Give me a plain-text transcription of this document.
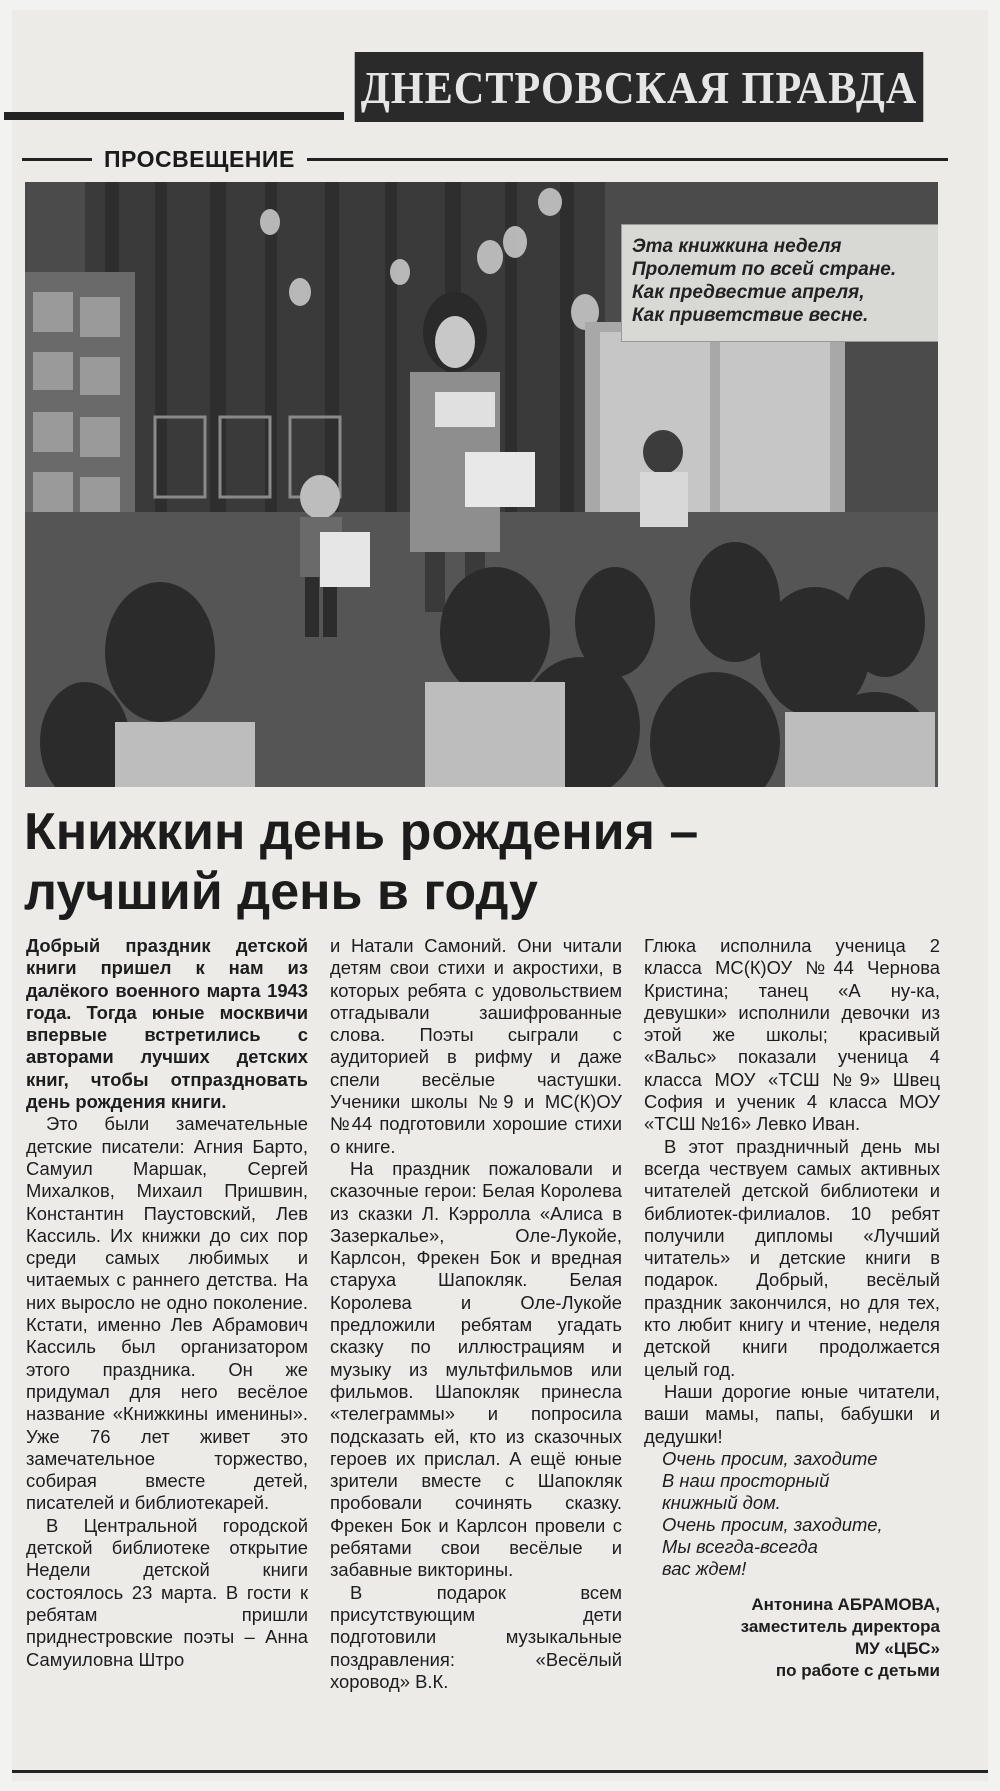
ДНЕСТРОВСКАЯ ПРАВДА
ПРОСВЕЩЕНИЕ
Эта книжкина неделя
Пролетит по всей стране.
Как предвестие апреля,
Как приветствие весне.
Книжкин день рождения –
лучший день в году

Добрый праздник детской книги пришел к нам из далёкого военного марта 1943 года. Тогда юные москвичи впервые встретились с авторами лучших детских книг, чтобы отпраздновать день рождения книги.

Это были замечательные детские писатели: Агния Барто, Самуил Маршак, Сергей Михалков, Михаил Пришвин, Константин Паустовский, Лев Кассиль. Их книжки до сих пор среди самых любимых и читаемых с раннего детства. На них выросло не одно поколение. Кстати, именно Лев Абрамович Кассиль был организатором этого праздника. Он же придумал для него весёлое название «Книжкины именины». Уже 76 лет живет это замечательное торжество, собирая вместе детей, писателей и библиотекарей.

В Центральной городской детской библиотеке открытие Недели детской книги состоялось 23 марта. В гости к ребятам пришли приднестровские поэты – Анна Самуиловна Штро

и Натали Самоний. Они читали детям свои стихи и акростихи, в которых ребята с удовольствием отгадывали зашифрованные слова. Поэты сыграли с аудиторией в рифму и даже спели весёлые частушки. Ученики школы №9 и МС(К)ОУ №44 подготовили хорошие стихи о книге.

На праздник пожаловали и сказочные герои: Белая Королева из сказки Л. Кэрролла «Алиса в Зазеркалье», Оле-Лукойе, Карлсон, Фрекен Бок и вредная старуха Шапокляк. Белая Королева и Оле-Лукойе предложили ребятам угадать сказку по иллюстрациям и музыку из мультфильмов или фильмов. Шапокляк принесла «телеграммы» и попросила подсказать ей, кто из сказочных героев их прислал. А ещё юные зрители вместе с Шапокляк пробовали сочинять сказку. Фрекен Бок и Карлсон провели с ребятами свои весёлые и забавные викторины.

В подарок всем присутствующим дети подготовили музыкальные поздравления: «Весёлый хоровод» В.К.

Глюка исполнила ученица 2 класса МС(К)ОУ №44 Чернова Кристина; танец «А ну-ка, девушки» исполнили девочки из этой же школы; красивый «Вальс» показали ученица 4 класса МОУ «ТСШ №9» Швец София и ученик 4 класса МОУ «ТСШ №16» Левко Иван.

В этот праздничный день мы всегда чествуем самых активных читателей детской библиотеки и библиотек-филиалов. 10 ребят получили дипломы «Лучший читатель» и детские книги в подарок. Добрый, весёлый праздник закончился, но для тех, кто любит книгу и чтение, неделя детской книги продолжается целый год.

Наши дорогие юные читатели, ваши мамы, папы, бабушки и дедушки!

Очень просим, заходите
В наш просторный
книжный дом.
Очень просим, заходите,
Мы всегда-всегда
вас ждем!
Антонина АБРАМОВА,
заместитель директора
МУ «ЦБС»
по работе с детьми
